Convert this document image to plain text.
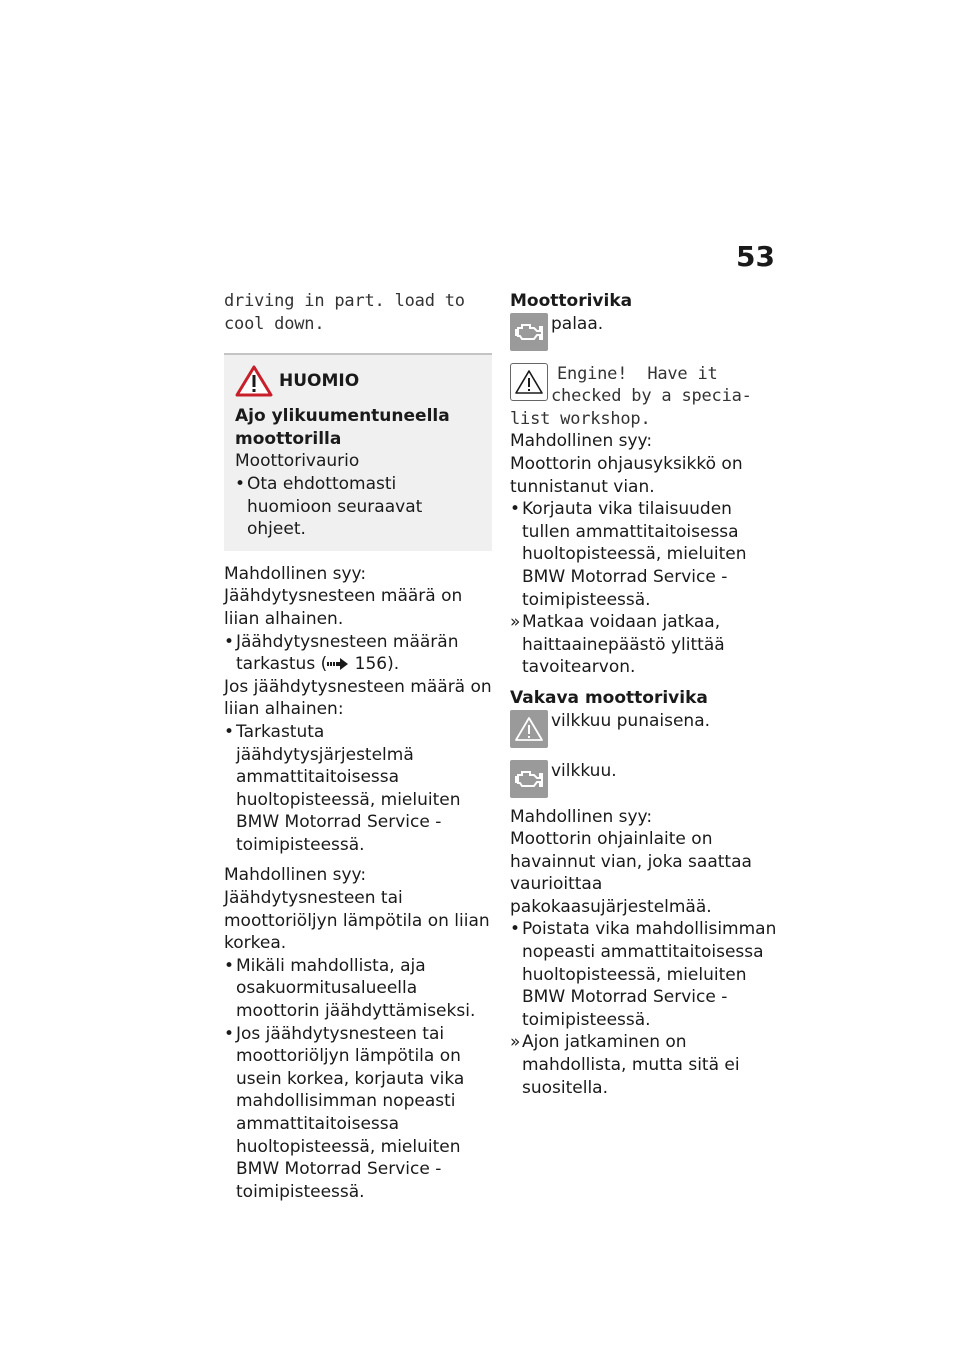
53
driving in part. load to cool down.
HUOMIO

Ajo ylikuumentuneella moottorilla

Moottorivaurio

•
Ota ehdottomasti huomioon seuraavat ohjeet.

Mahdollinen syy:

Jäähdytysnesteen määrä on liian alhainen.

•
Jäähdytysnesteen määrän tarkastus ( 156).

Jos jäähdytysnesteen määrä on liian alhainen:

•
Tarkastuta jäähdytysjärjestelmä ammattitaitoisessa huoltopisteessä, mieluiten BMW Motorrad Service -toimipisteessä.

Mahdollinen syy:

Jäähdytysnesteen tai moottoriöljyn lämpötila on liian korkea.

•
Mikäli mahdollista, aja osakuormitusalueella moottorin jäähdyttämiseksi.
•
Jos jäähdytysnesteen tai moottoriöljyn lämpötila on usein korkea, korjauta vika mahdollisimman nopeasti ammattitaitoisessa huoltopisteessä, mieluiten BMW Motorrad Service -toimipisteessä.

Moottorivika

palaa.

Engine!  Have it
checked by a specia-
list workshop.

Mahdollinen syy:

Moottorin ohjausyksikkö on tunnistanut vian.

•
Korjauta vika tilaisuuden tullen ammattitaitoisessa huoltopisteessä, mieluiten BMW Motorrad Service -toimipisteessä.
»
Matkaa voidaan jatkaa, haittaainepäästö ylittää tavoitearvon.

Vakava moottorivika

vilkkuu punaisena.

vilkkuu.

Mahdollinen syy:

Moottorin ohjainlaite on havainnut vian, joka saattaa vaurioittaa pakokaasujärjestelmää.

•
Poistata vika mahdollisimman nopeasti ammattitaitoisessa huoltopisteessä, mieluiten BMW Motorrad Service -toimipisteessä.
»
Ajon jatkaminen on mahdollista, mutta sitä ei suositella.
